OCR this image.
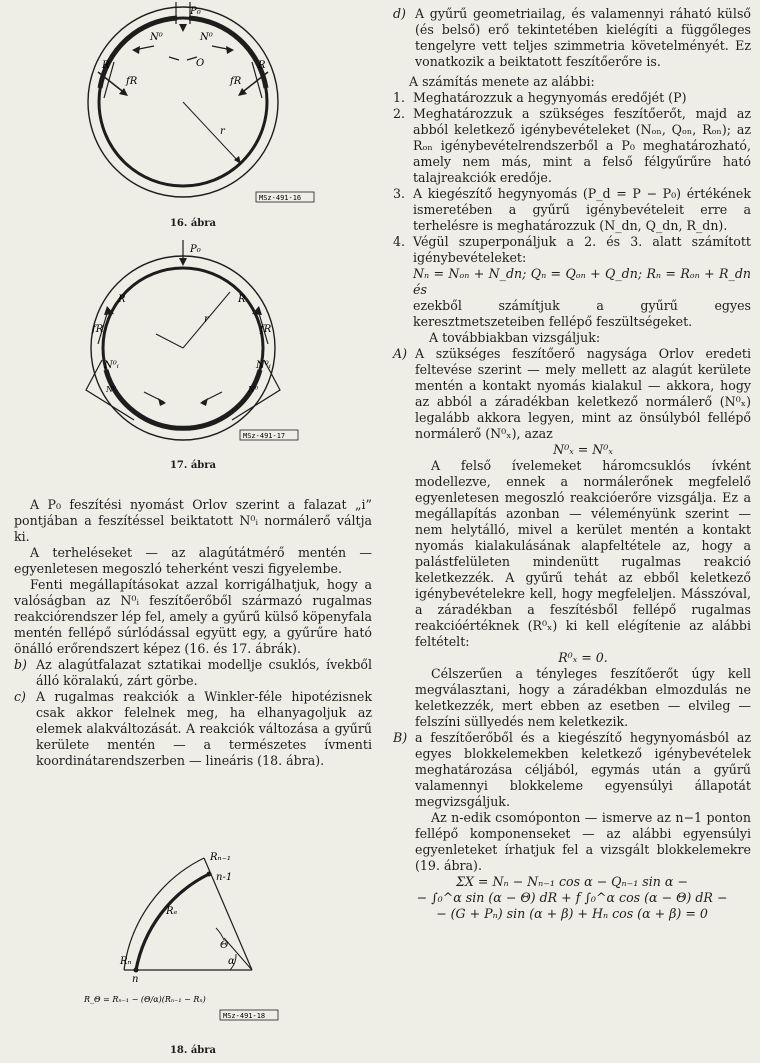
P₀
N⁰	N⁰
O
R	R
fR	fR
r
MSz-491-16
16. ábra
P₀
R	R
fR	fR
r
N⁰ᵢ	N⁰ᵢ
N⁰	N⁰
MSz-491-17
17. ábra

A P₀ feszítési nyomást Orlov szerint a falazat „i” pontjában a feszítéssel beiktatott N⁰ᵢ normálerő váltja ki.

A terheléseket — az alagútátmérő mentén — egyenletesen megoszló teherként veszi figyelembe.

Fenti megállapításokat azzal korrigálhatjuk, hogy a valóságban az N⁰ᵢ feszítőerőből származó rugalmas reakciórendszer lép fel, amely a gyűrű külső köpenyfala mentén fellépő súrlódással együtt egy, a gyűrűre ható önálló erőrendszert képez (16. és 17. ábrák).

b) Az alagútfalazat sztatikai modellje csuklós, ívekből álló köralakú, zárt görbe.

c) A rugalmas reakciók a Winkler-féle hipotézisnek csak akkor felelnek meg, ha elhanyagoljuk az elemek alakváltozását. A reakciók változása a gyűrű kerülete mentén — a természetes ívmenti koordinátarendszerben — lineáris (18. ábra).

Rₙ₋₁
n-1
Rₑ
Θ
α
Rₙ
n
R_Θ = Rₙ₋₁ − (Θ/α)(Rₙ₋₁ − Rₙ)
MSz-491-18
18. ábra
d) A gyűrű geometriailag, és valamennyi ráható külső (és belső) erő tekintetében kielégíti a függőleges tengelyre vett teljes szimmetria követelményét. Ez vonatkozik a beiktatott feszítőerőre is.

A számítás menete az alábbi:

1. Meghatározzuk a hegynyomás eredőjét (P)

2. Meghatározzuk a szükséges feszítőerőt, majd az abból keletkező igénybevételeket (Nₒₙ, Qₒₙ, Rₒₙ); az Rₒₙ igénybevételrendszerből a P₀ meghatározható, amely nem más, mint a felső félgyűrűre ható talajreakciók eredője.

3. A kiegészítő hegynyomás (P_d = P − P₀) értékének ismeretében a gyűrű igénybevételeit erre a terhelésre is meghatározzuk (N_dn, Q_dn, R_dn).

4. Végül szuperponáljuk a 2. és 3. alatt számított igénybevételeket:

Nₙ = Nₒₙ + N_dn; Qₙ = Qₒₙ + Q_dn; Rₙ = Rₒₙ + R_dn és

ezekből számítjuk a gyűrű egyes keresztmetszeteiben fellépő feszültségeket.

A továbbiakban vizsgáljuk:

A) A szükséges feszítőerő nagysága Orlov eredeti feltevése szerint — mely mellett az alagút kerülete mentén a kontakt nyomás kialakul — akkora, hogy az abból a záradékban keletkező normálerő (N⁰ₓ) legalább akkora legyen, mint az önsúlyból fellépő normálerő (N⁰ₓ), azaz

N⁰ₓ = N⁰ₓ

A felső ívelemeket háromcsuklós ívként modellezve, ennek a normálerőnek megfelelő egyenletesen megoszló reakcióerőre vizsgálja. Ez a megállapítás azonban — véleményünk szerint — nem helytálló, mivel a kerület mentén a kontakt nyomás kialakulásának alapfeltétele az, hogy a palástfelületen mindenütt rugalmas reakció keletkezzék. A gyűrű tehát az ebből keletkező igénybevételekre kell, hogy megfeleljen. Másszóval, a záradékban a feszítésből fellépő rugalmas reakcióértéknek (R⁰ₓ) ki kell elégítenie az alábbi feltételt:

R⁰ₓ = 0.

Célszerűen a tényleges feszítőerőt úgy kell megválasztani, hogy a záradékban elmozdulás ne keletkezzék, mert ebben az esetben — elvileg — felszíni süllyedés nem keletkezik.

B) a feszítőerőből és a kiegészítő hegynyomásból az egyes blokkelemekben keletkező igénybevételek meghatározása céljából, egymás után a gyűrű valamennyi blokkeleme egyensúlyi állapotát megvizsgáljuk.

Az n-edik csomóponton — ismerve az n−1 ponton fellépő komponenseket — az alábbi egyensúlyi egyenleteket írhatjuk fel a vizsgált blokkelemekre (19. ábra).

ΣX = Nₙ − Nₙ₋₁ cos α − Qₙ₋₁ sin α −

− ∫₀^α sin (α − Θ) dR + f ∫₀^α cos (α − Θ) dR −

− (G + Pₙ) sin (α + β) + Hₙ cos (α + β) = 0
